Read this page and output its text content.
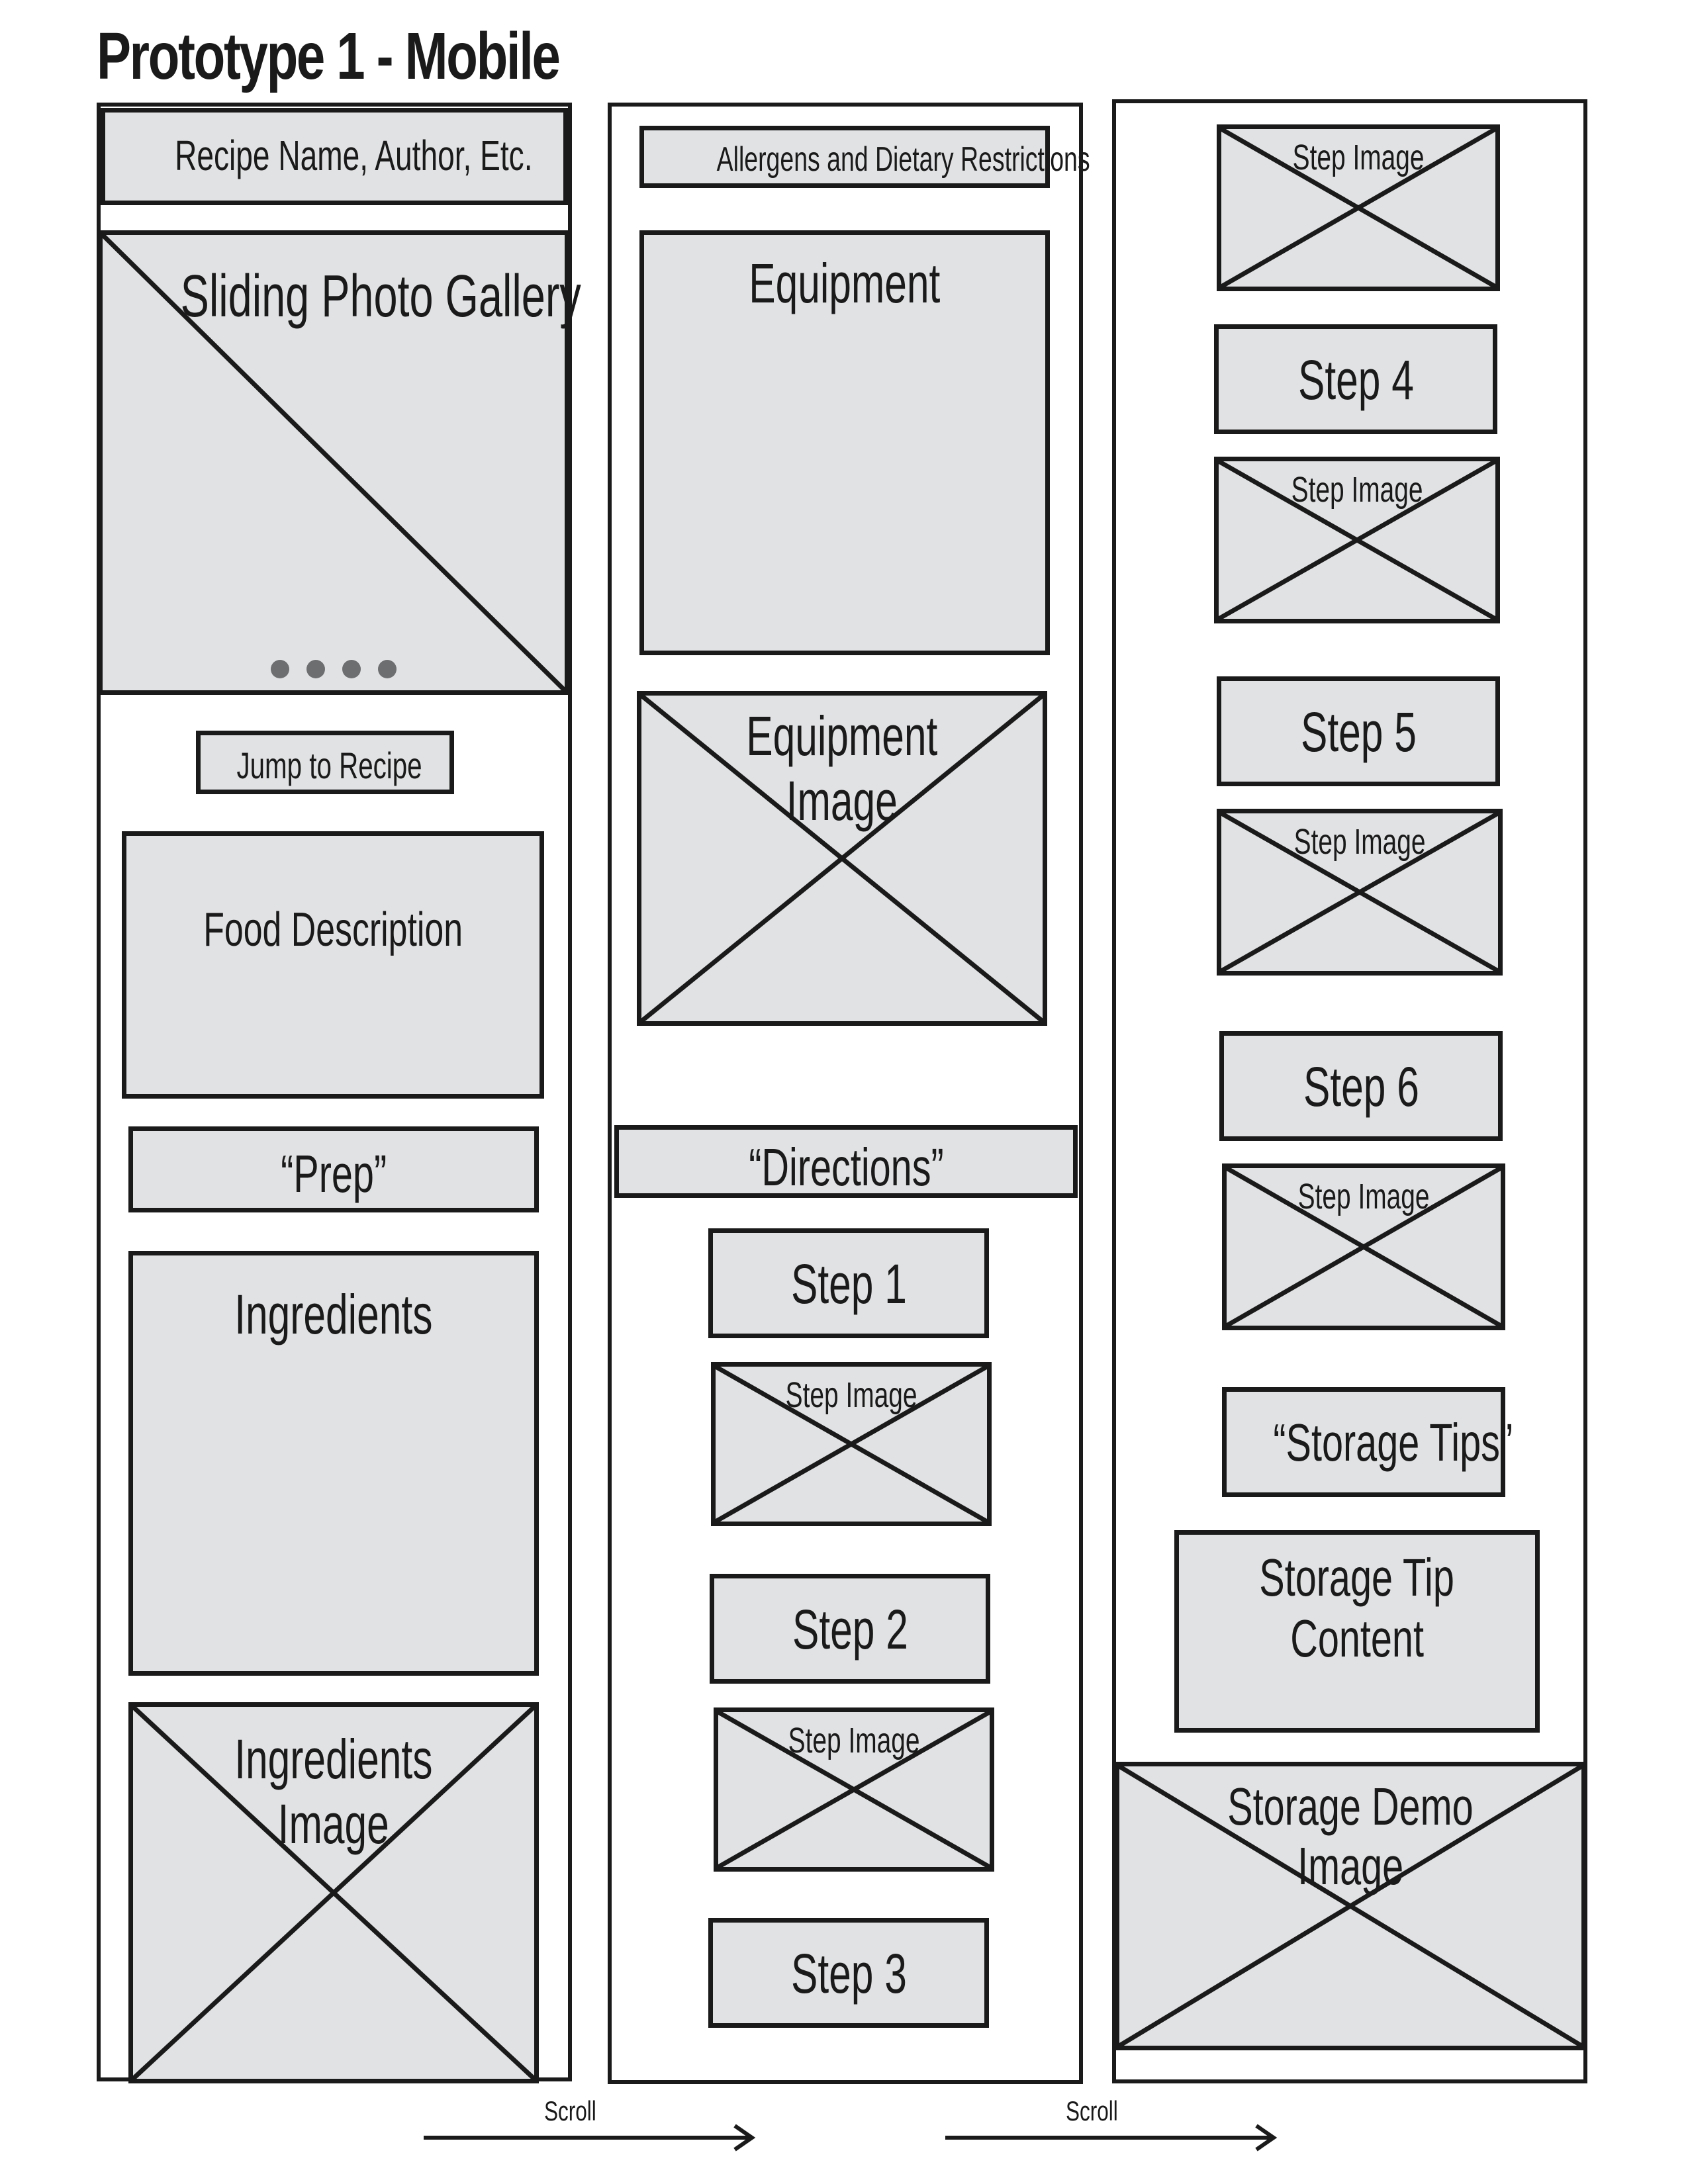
Prototype 1 - Mobile
Recipe Name, Author, Etc.
Sliding Photo Gallery
Jump to Recipe
Food Description
“Prep”
Ingredients
Ingredients
Image
Allergens and Dietary Restrictions
Equipment
Equipment
Image
“Directions”
Step 1
Step Image
Step 2
Step Image
Step 3
Step Image
Step 4
Step Image
Step 5
Step Image
Step 6
Step Image
“Storage Tips”
Storage Tip
Content
Storage Demo
Image
Scroll	Scroll
